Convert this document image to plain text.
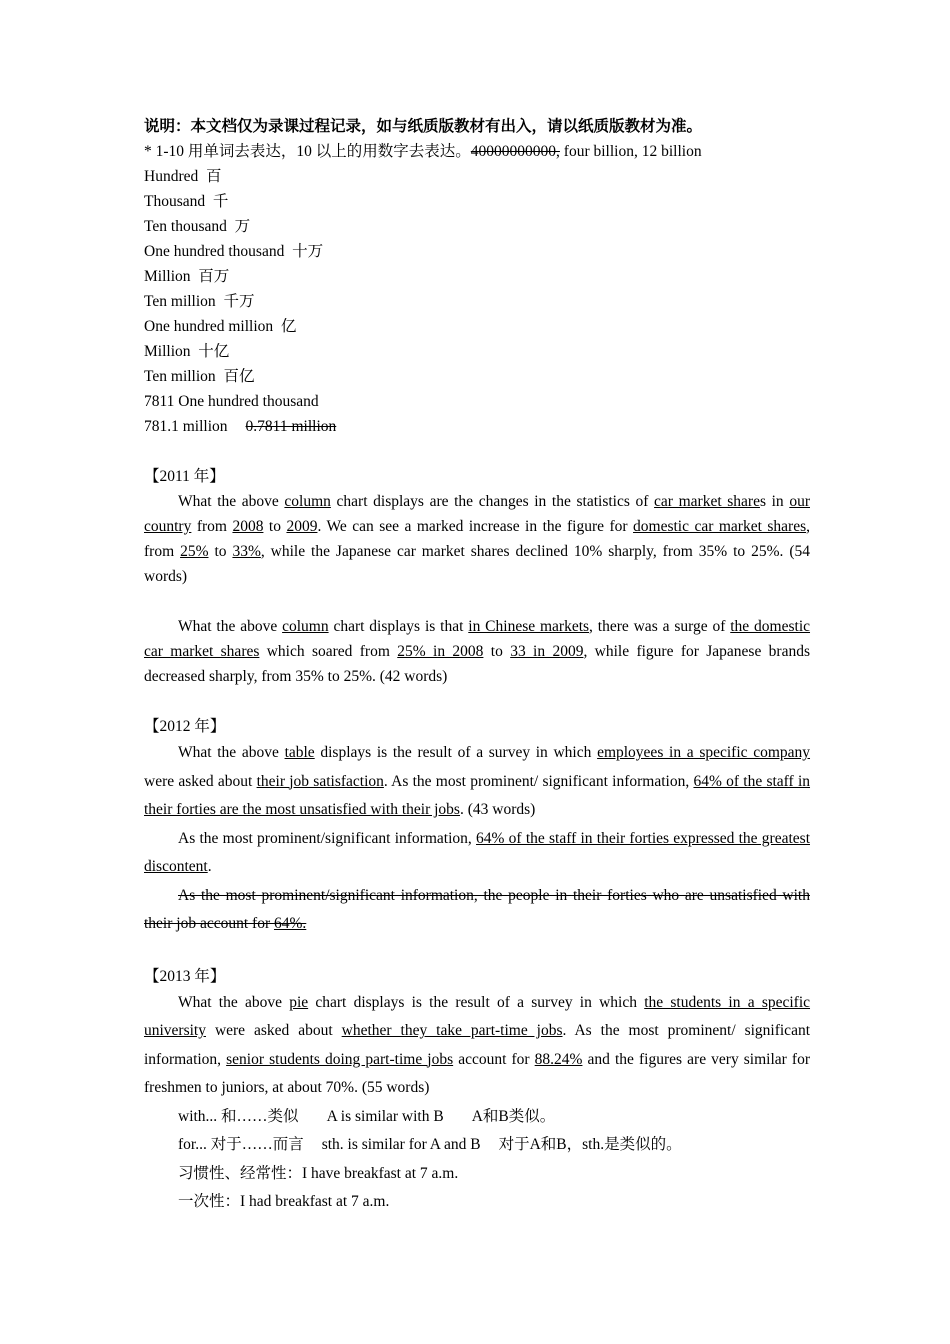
说明：本文档仅为录课过程记录，如与纸质版教材有出入，请以纸质版教材为准。
* 1-10 用单词去表达，10 以上的用数字去表达。40000000000, four billion, 12 billion
Hundred 百
Thousand 千
Ten thousand 万
One hundred thousand 十万
Million 百万
Ten million 千万
One hundred million 亿
Million 十亿
Ten million 百亿
7811 One hundred thousand
781.1 million 0.7811 million
【2011 年】

What the above column chart displays are the changes in the statistics of car market shares in our country from 2008 to 2009. We can see a marked increase in the figure for domestic car market shares, from 25% to 33%, while the Japanese car market shares declined 10% sharply, from 35% to 25%. (54 words)

What the above column chart displays is that in Chinese markets, there was a surge of the domestic car market shares which soared from 25% in 2008 to 33 in 2009, while figure for Japanese brands decreased sharply, from 35% to 25%. (42 words)

【2012 年】

What the above table displays is the result of a survey in which employees in a specific company were asked about their job satisfaction. As the most prominent/ significant information, 64% of the staff in their forties are the most unsatisfied with their jobs. (43 words)

As the most prominent/significant information, 64% of the staff in their forties expressed the greatest discontent.

As the most prominent/significant information, the people in their forties who are unsatisfied with their job account for 64%.

【2013 年】

What the above pie chart displays is the result of a survey in which the students in a specific university were asked about whether they take part-time jobs. As the most prominent/ significant information, senior students doing part-time jobs account for 88.24% and the figures are very similar for freshmen to juniors, at about 70%. (55 words)

with... 和……类似 A is similar with B A和B类似。
for... 对于……而言 sth. is similar for A and B 对于A和B，sth.是类似的。
习惯性、经常性：I have breakfast at 7 a.m.
一次性：I had breakfast at 7 a.m.
